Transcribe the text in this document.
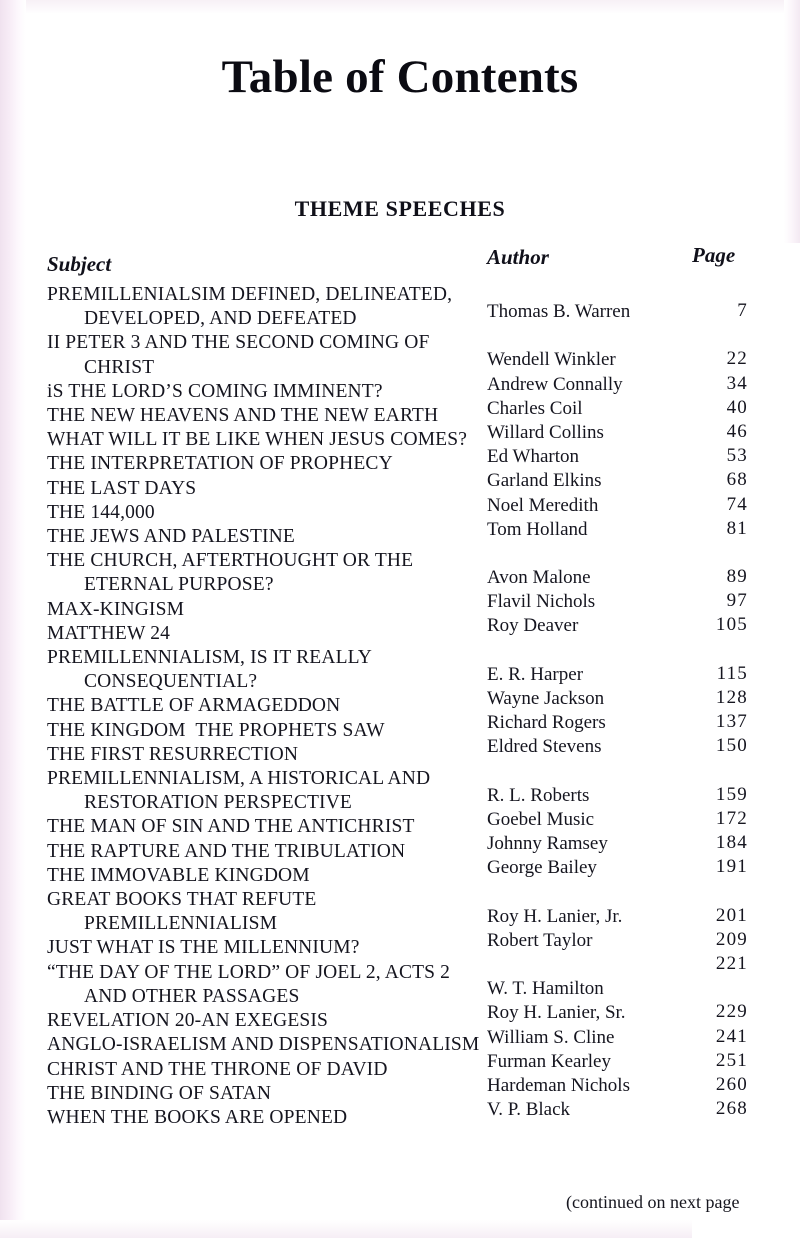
Table of Contents
THEME SPEECHES
Subject	Author	Page
PREMILLENIALSIM DEFINED, DELINEATED,
DEVELOPED, AND DEFEATED
II PETER 3 AND THE SECOND COMING OF
CHRIST
iS THE LORD’S COMING IMMINENT?
THE NEW HEAVENS AND THE NEW EARTH
WHAT WILL IT BE LIKE WHEN JESUS COMES?
THE INTERPRETATION OF PROPHECY
THE LAST DAYS
THE 144,000
THE JEWS AND PALESTINE
THE CHURCH, AFTERTHOUGHT OR THE
ETERNAL PURPOSE?
MAX-KINGISM
MATTHEW 24
PREMILLENNIALISM, IS IT REALLY
CONSEQUENTIAL?
THE BATTLE OF ARMAGEDDON
THE KINGDOM  THE PROPHETS SAW
THE FIRST RESURRECTION
PREMILLENNIALISM, A HISTORICAL AND
RESTORATION PERSPECTIVE
THE MAN OF SIN AND THE ANTICHRIST
THE RAPTURE AND THE TRIBULATION
THE IMMOVABLE KINGDOM
GREAT BOOKS THAT REFUTE
PREMILLENNIALISM
JUST WHAT IS THE MILLENNIUM?
“THE DAY OF THE LORD” OF JOEL 2, ACTS 2
AND OTHER PASSAGES
REVELATION 20-AN EXEGESIS
ANGLO-ISRAELISM AND DISPENSATIONALISM
CHRIST AND THE THRONE OF DAVID
THE BINDING OF SATAN
WHEN THE BOOKS ARE OPENED
Thomas B. Warren

Wendell Winkler
Andrew Connally
Charles Coil
Willard Collins
Ed Wharton
Garland Elkins
Noel Meredith
Tom Holland

Avon Malone
Flavil Nichols
Roy Deaver

E. R. Harper
Wayne Jackson
Richard Rogers
Eldred Stevens

R. L. Roberts
Goebel Music
Johnny Ramsey
George Bailey

Roy H. Lanier, Jr.
Robert Taylor

W. T. Hamilton
Roy H. Lanier, Sr.
William S. Cline
Furman Kearley
Hardeman Nichols
V. P. Black
7

22
34
40
46
53
68
74
81

89
97
105

115
128
137
150

159
172
184
191

201
209
221

229
241
251
260
268
(continued on next page
